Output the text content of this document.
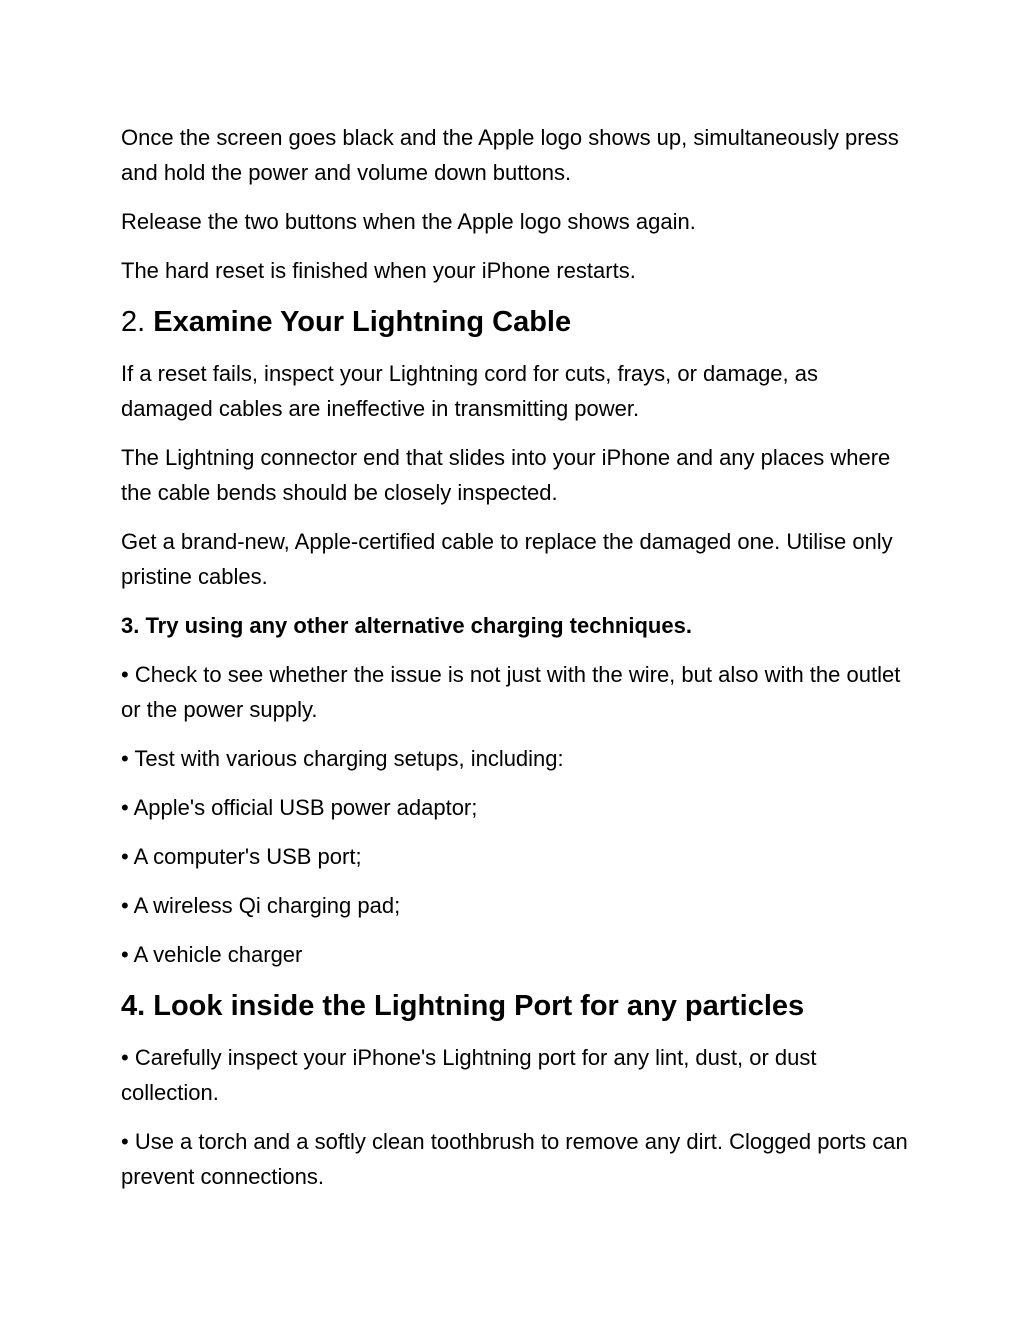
Once the screen goes black and the Apple logo shows up, simultaneously press and hold the power and volume down buttons.

Release the two buttons when the Apple logo shows again.

The hard reset is finished when your iPhone restarts.

2. Examine Your Lightning Cable

If a reset fails, inspect your Lightning cord for cuts, frays, or damage, as damaged cables are ineffective in transmitting power.

The Lightning connector end that slides into your iPhone and any places where the cable bends should be closely inspected.

Get a brand-new, Apple-certified cable to replace the damaged one. Utilise only pristine cables.

3. Try using any other alternative charging techniques.

• Check to see whether the issue is not just with the wire, but also with the outlet or the power supply.

• Test with various charging setups, including:

• Apple's official USB power adaptor;

• A computer's USB port;

• A wireless Qi charging pad;

• A vehicle charger

4. Look inside the Lightning Port for any particles

• Carefully inspect your iPhone's Lightning port for any lint, dust, or dust collection.

• Use a torch and a softly clean toothbrush to remove any dirt. Clogged ports can prevent connections.
